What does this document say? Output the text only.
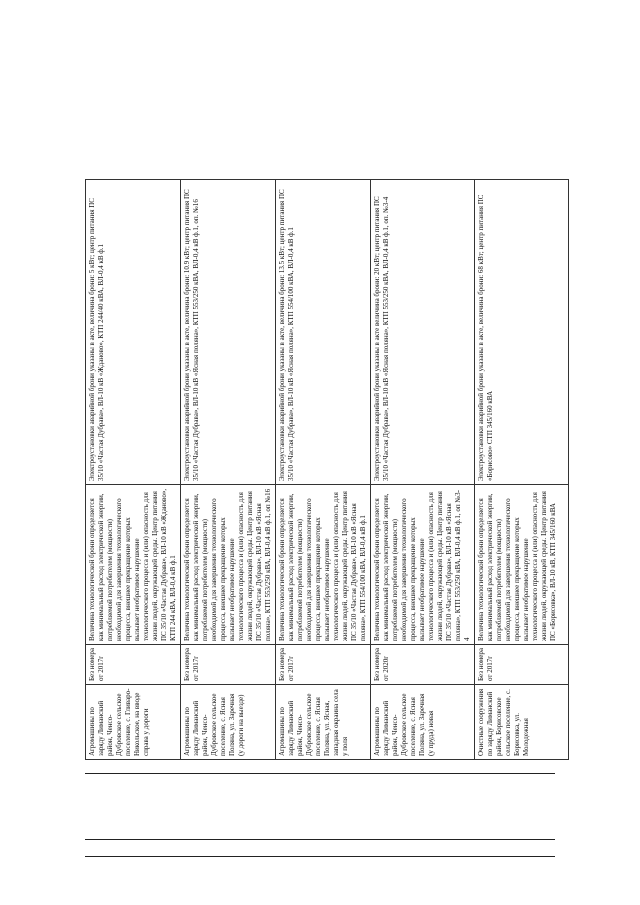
Агромашины по заряду Лиманский район, Ченсо-Дубровское сельское поселение, с. Гливаро-Никольское, на вводе справа у дороги	Без номера от 2017г	Величина технологической брони определяется как минимальный расход электрической энергии, потребляемой потребителем (мощности) необходимой для завершения технологического процесса, внешнее прекращение которых вызывает необратимое нарушение технологического процесса и (или) опасность для жизни людей, окружающей среды. Центр питания ПС 35/10 «Частая Дубрава», ВЛ-10 кВ «Жданово», КТП 244 кВА, ВЛ-0,4 кВ ф.1	Электроустановки аварийной брони указаны в акте, величина брони: 5 кВт; центр питания ПС 35/10 «Частая Дубрава», ВЛ-10 кВ «Жданово», КТП 244/40 кВА, ВЛ-0,4 кВ ф.1
Агромашины по заряду Лиманский район, Ченсо-Дубровское сельское поселение, с. Ясная Поляна, ул. Заречная (у дороги на выезде)	Без номера от 2017г	Величина технологической брони определяется как минимальный расход электрической энергии, потребляемой потребителем (мощности) необходимой для завершения технологического процесса, внешнее прекращение которых вызывает необратимое нарушение технологического процесса и (или) опасность для жизни людей, окружающей среды. Центр питания ПС 35/10 «Частая Дубрава», ВЛ-10 кВ «Ясная поляна», КТП 553/250 кВА, ВЛ-0,4 кВ ф.1, оп №16	Электроустановки аварийной брони указаны в акте, величина брони: 10.9 кВт; центр питания ПС 35/10 «Частая Дубрава», ВЛ-10 кВ «Ясная поляна», КТП 553/250 кВА, ВЛ-0,4 кВ ф.1, оп. №16
Агромашины по заряду Лиманский район, Ченсо-Дубровское сельское поселение, с. Ясная Поляна, ул. Ясная, западная окраина села у поля	Без номера от 2017г	Величина технологической брони определяется как минимальный расход электрической энергии, потребляемой потребителем (мощности) необходимой для завершения технологического процесса, внешнее прекращение которых вызывает необратимое нарушение технологического процесса и (или) опасность для жизни людей, окружающей среды. Центр питания ПС 35/10 «Частая Дубрава», ВЛ-10 кВ «Ясная поляна», КТП 554/100 кВА, ВЛ-0,4 кВ ф.1	Электроустановки аварийной брони указаны в акте, величина брони: 13.5 кВт; центр питания ПС 35/10 «Частая Дубрава», ВЛ-10 кВ «Ясная поляна», КТП 554/100 кВА, ВЛ-0,4 кВ ф.1
Агромашины по заряду Лиманский район, Ченсо-Дубровское сельское поселение, с. Ясная Поляна, ул. Заречная (у пруда) новая	Без номера от 2020г	Величина технологической брони определяется как минимальный расход электрической энергии, потребляемой потребителем (мощности) необходимой для завершения технологического процесса, внешнее прекращение которых вызывает необратимое нарушение технологического процесса и (или) опасность для жизни людей, окружающей среды. Центр питания ПС 35/10 «Частая Дубрава», ВЛ-10 кВ «Ясная поляна», КТП 553/250 кВА, ВЛ-0,4 кВ ф.1, оп №3-4	Электроустановки аварийной брони указаны в акте величина брони: 20 кВт; центр питания ПС 35/10 «Частая Дубрава», ВЛ-10 кВ «Ясная поляна», КТП 553/250 кВА, ВЛ-0,4 кВ ф.1, оп. №3-4
Очистные сооружения по заряду Лиманский район, Борисовское сельское поселение, с. Борисовка, ул. Молодежная	Без номера от 2017г	Величина технологической брони определяется как минимальный расход электрической энергии, потребляемой потребителем (мощности) необходимой для завершения технологического процесса, внешнее прекращение которых вызывает необратимое нарушение технологического процесса и (или) опасность для жизни людей, окружающей среды. Центр питания ПС «Борисовка», ВЛ-10 кВ, КТП 345/160 кВА	Электроустановки аварийной брони указаны в акте, величина брони: 68 кВт; центр питания ПС «Борисово» СТП 345/160 кВА
